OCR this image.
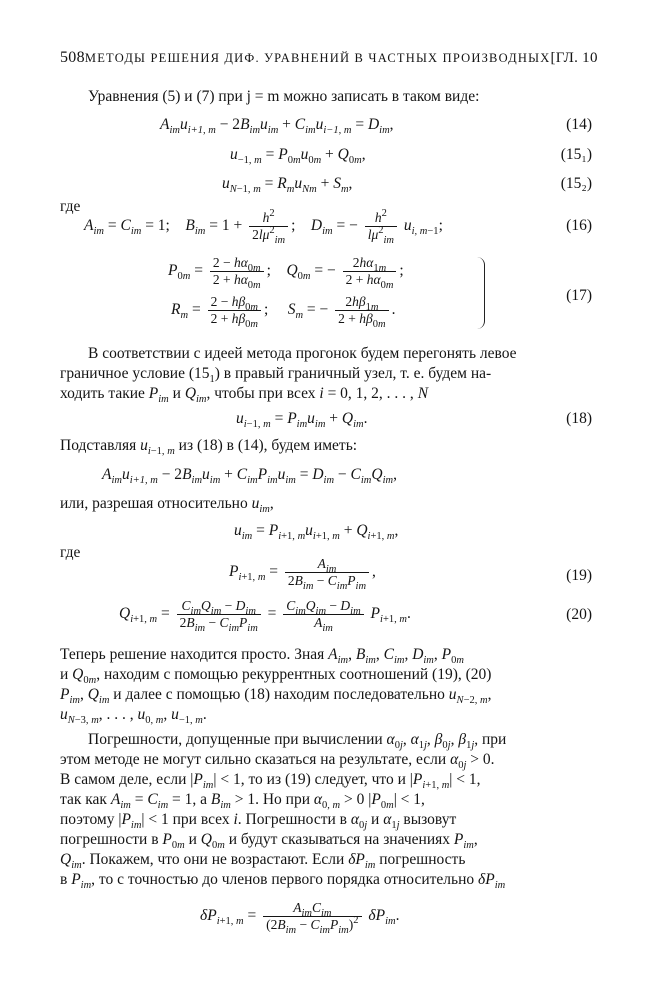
508 МЕТОДЫ РЕШЕНИЯ ДИФ. УРАВНЕНИЙ В ЧАСТНЫХ ПРОИЗВОДНЫХ [ГЛ. 10
Уравнения (5) и (7) при j = m можно записать в таком виде:
$A_{im}u_{i+1, m} - 2B_{im}u_{im} + C_{im}u_{i-1, m} = D_{im}$,	(14)
$u_{-1, m} = P_{0m}u_{0m} + Q_{0m}$,	(15₁)
$u_{N-1, m} = R_mu_{Nm} + S_m$,	(15₂)
где
$A_{im} = C_{im} = 1$;    $B_{im} = 1 + \frac{h^2}{2l\mu^2_{im}}$ ;    $D_{im}$ = − $\frac{h^2}{l\mu^2_{im}} u_{i, m-1}$;	(16)
$P_{0m} = \frac{2 - h\alpha_{0m}}{2 + h\alpha_{0m}}$ ;    $Q_{0m}$ = − $\frac{2h\alpha_{1m}}{2 + h\alpha_{0m}}$ ;
$R_m = \frac{2 - h\beta_{0m}}{2 + h\beta_{0m}}$ ;     $S_m$ = − $\frac{2h\beta_{1m}}{2 + h\beta_{0m}}$ .
(17)
В соответствии с идеей метода прогонок будем перегонять левое
граничное условие $(15_1)$ в правый граничный узел, т. е. будем на-
ходить такие $P_{im}$ и $Q_{im}$, чтобы при всех i = 0, 1, 2, . . . , N
$u_{i-1, m} = P_{im}u_{im} + Q_{im}$.	(18)
Подставляя $u_{i-1, m}$ из (18) в (14), будем иметь:
$A_{im}u_{i+1, m} - 2B_{im}u_{im} + C_{im}P_{im}u_{im} = D_{im} - C_{im}Q_{im}$,
или, разрешая относительно $u_{im}$,
$u_{im} = P_{i+1, m}u_{i+1, m} + Q_{i+1, m}$,
где
$P_{i+1, m}$ =	$A_{im}$
$2B_{im} - C_{im}P_{im}$
,	(19)
$Q_{i+1, m} = C_{im}Q_{im} - D_{im}$
$2B_{im} - C_{im}P_{im}$
= $C_{im}Q_{im} - D_{im}$
$A_{im}$
$P_{i+1, m}$.	(20)
Теперь решение находится просто. Зная $A_{im}$, $B_{im}$, $C_{im}$, $D_{im}$, $P_{0m}$
и $Q_{0m}$, находим с помощью рекуррентных соотношений (19), (20)
$P_{im}$, $Q_{im}$ и далее с помощью (18) находим последовательно $u_{N-2, m}$,
$u_{N-3, m}$, . . . , $u_{0, m}$, $u_{-1, m}$.
Погрешности, допущенные при вычислении $\alpha_{0j}$, $\alpha_{1j}$, $\beta_{0j}$, $\beta_{1j}$, при
этом методе не могут сильно сказаться на результате, если $\alpha_{0j} > 0$.
В самом деле, если $|P_{im}| < 1$, то из (19) следует, что и $|P_{i+1, m}| < 1$,
так как $A_{im} = C_{im} = 1$, а $B_{im} > 1$. Но при $\alpha_{0, m} > 0$ $|P_{0m}| < 1$,
поэтому $|P_{im}| < 1$ при всех i. Погрешности в $\alpha_{0j}$ и $\alpha_{1j}$ вызовут
погрешности в $P_{0m}$ и $Q_{0m}$ и будут сказываться на значениях $P_{im}$,
$Q_{im}$. Покажем, что они не возрастают. Если $\delta P_{im}$ погрешность
в $P_{im}$, то с точностью до членов первого порядка относительно $\delta P_{im}$
$\delta P_{i+1, m}$ =	$A_{im}C_{im}$
$(2B_{im} - C_{im}P_{im})^2$ $\delta P_{im}$.
